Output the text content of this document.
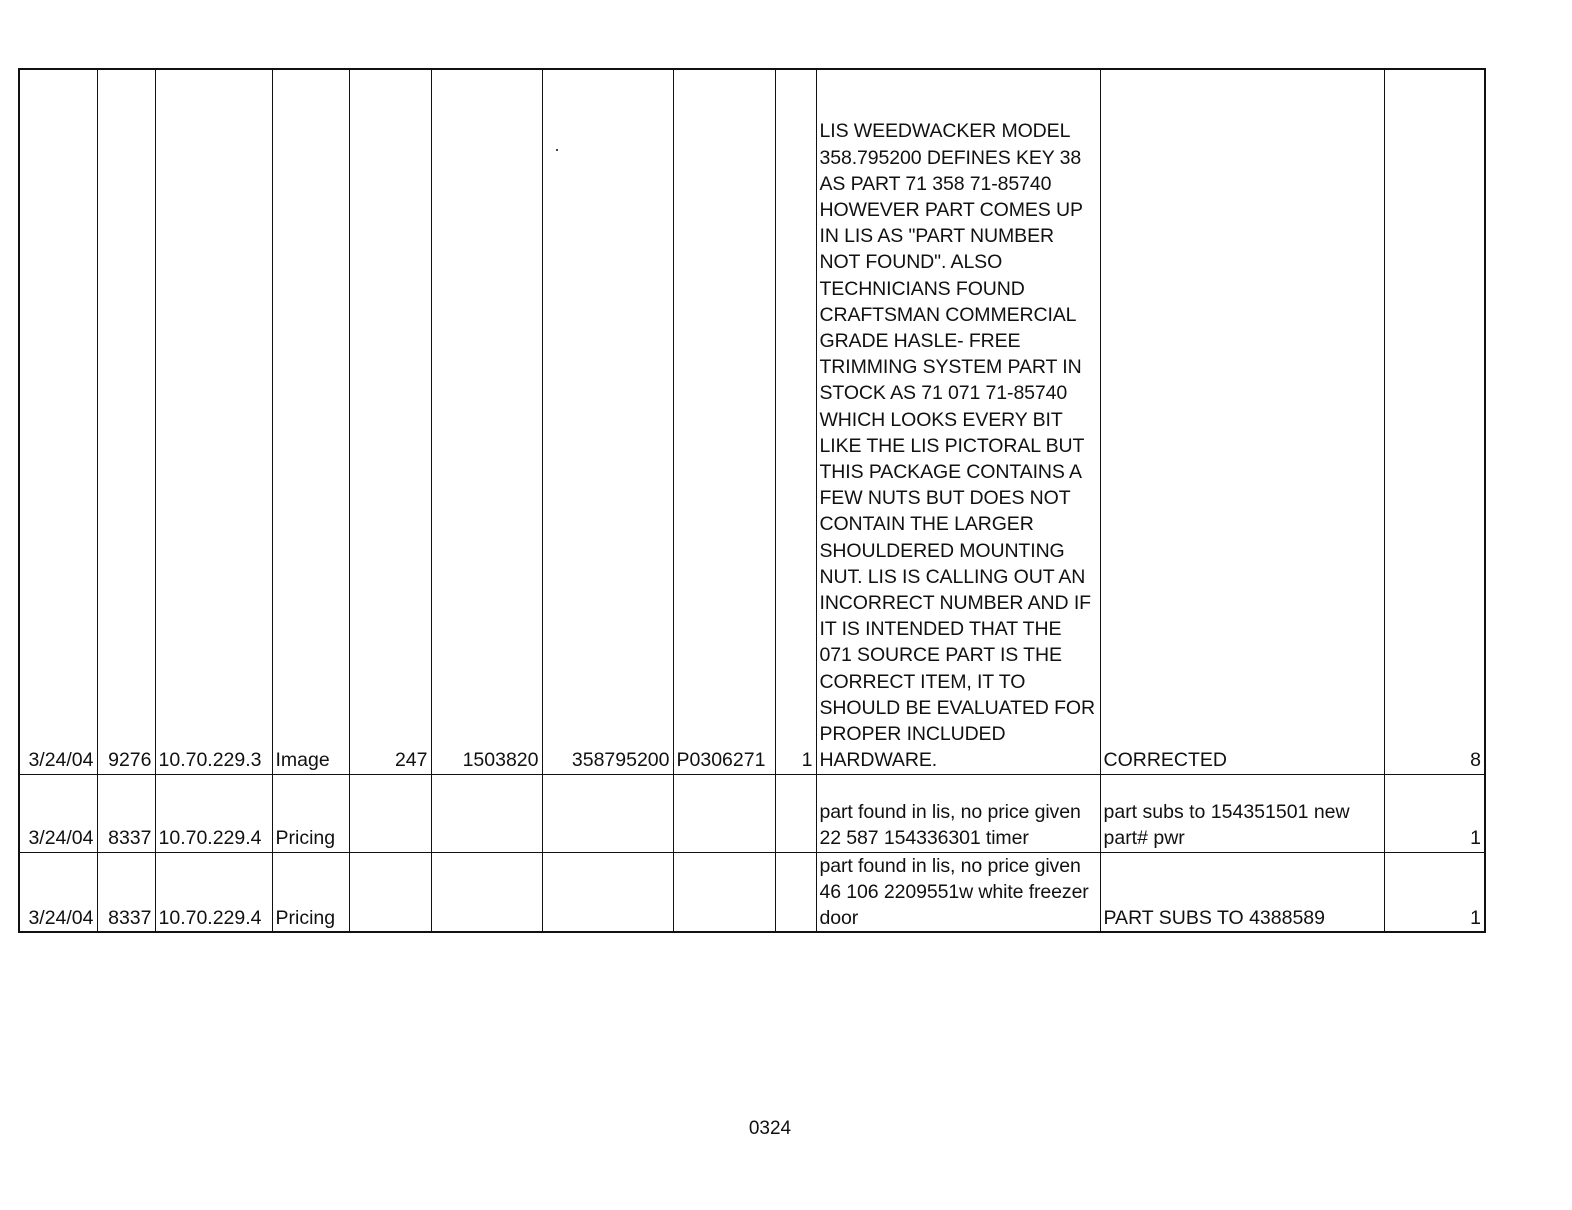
3/24/04	9276	10.70.229.3	Image	247	1503820	358795200	P0306271	1	LIS WEEDWACKER MODEL 358.795200 DEFINES KEY 38 AS PART 71 358 71-85740 HOWEVER PART COMES UP IN LIS AS "PART NUMBER NOT FOUND". ALSO TECHNICIANS FOUND CRAFTSMAN COMMERCIAL GRADE HASLE- FREE TRIMMING SYSTEM PART IN STOCK AS 71 071 71-85740 WHICH LOOKS EVERY BIT LIKE THE LIS PICTORAL BUT THIS PACKAGE CONTAINS A FEW NUTS BUT DOES NOT CONTAIN THE LARGER SHOULDERED MOUNTING NUT. LIS IS CALLING OUT AN INCORRECT NUMBER AND IF IT IS INTENDED THAT THE 071 SOURCE PART IS THE CORRECT ITEM, IT TO SHOULD BE EVALUATED FOR PROPER INCLUDED HARDWARE.	CORRECTED	8
3/24/04	8337	10.70.229.4	Pricing						part found in lis, no price given 22 587 154336301 timer	part subs to 154351501 new part# pwr	1
3/24/04	8337	10.70.229.4	Pricing						part found in lis, no price given 46 106 2209551w white freezer door	PART SUBS TO 4388589	1
0324
